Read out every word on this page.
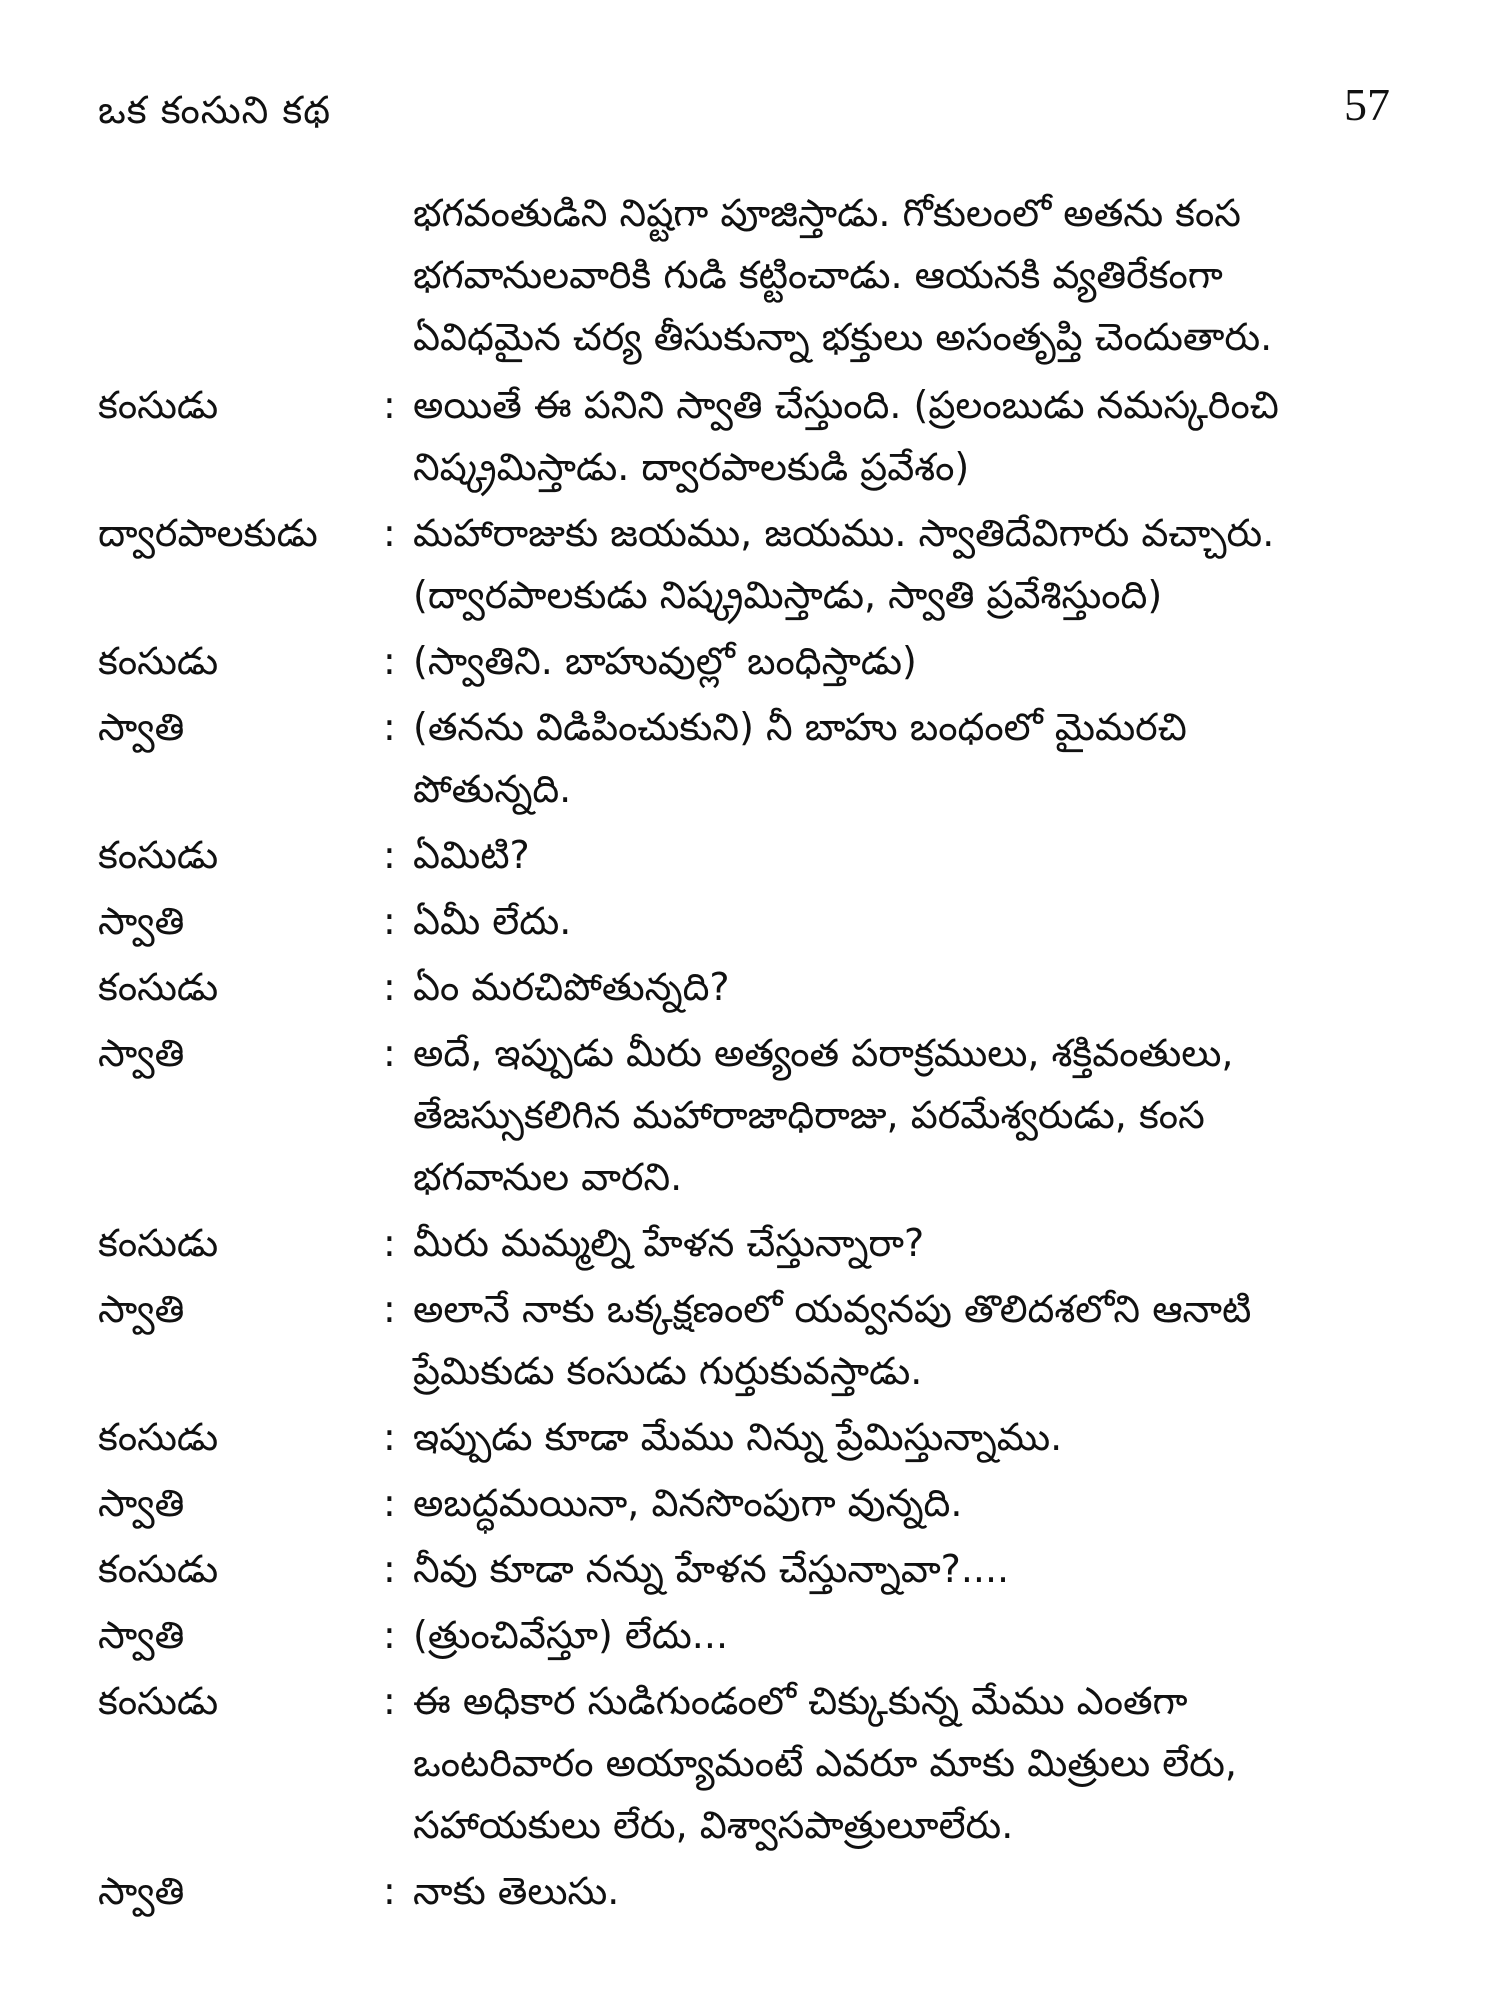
ఒక కంసుని కథ	57
భగవంతుడిని నిష్టగా పూజిస్తాడు. గోకులంలో అతను కంస
భగవానులవారికి గుడి కట్టించాడు. ఆయనకి వ్యతిరేకంగా
ఏవిధమైన చర్య తీసుకున్నా భక్తులు అసంతృప్తి చెందుతారు.
కంసుడు	: అయితే ఈ పనిని స్వాతి చేస్తుంది. (ప్రలంబుడు నమస్కరించి
నిష్క్రమిస్తాడు. ద్వారపాలకుడి ప్రవేశం)
ద్వారపాలకుడు	: మహారాజుకు జయము, జయము. స్వాతిదేవిగారు వచ్చారు.
(ద్వారపాలకుడు నిష్క్రమిస్తాడు, స్వాతి ప్రవేశిస్తుంది)
కంసుడు	: (స్వాతిని. బాహువుల్లో బంధిస్తాడు)
స్వాతి	: (తనను విడిపించుకుని) నీ బాహు బంధంలో మైమరచి
పోతున్నది.
కంసుడు	: ఏమిటి?
స్వాతి	: ఏమీ లేదు.
కంసుడు	: ఏం మరచిపోతున్నది?
స్వాతి	: అదే, ఇప్పుడు మీరు అత్యంత పరాక్రములు, శక్తివంతులు,
తేజస్సుకలిగిన మహారాజాధిరాజు, పరమేశ్వరుడు, కంస
భగవానుల వారని.
కంసుడు	: మీరు మమ్మల్ని హేళన చేస్తున్నారా?
స్వాతి	: అలానే నాకు ఒక్కక్షణంలో యవ్వనపు తొలిదశలోని ఆనాటి
ప్రేమికుడు కంసుడు గుర్తుకువస్తాడు.
కంసుడు	: ఇప్పుడు కూడా మేము నిన్ను ప్రేమిస్తున్నాము.
స్వాతి	: అబద్ధమయినా, వినసొంపుగా వున్నది.
కంసుడు	: నీవు కూడా నన్ను హేళన చేస్తున్నావా?....
స్వాతి	: (త్రుంచివేస్తూ) లేదు...
కంసుడు	: ఈ అధికార సుడిగుండంలో చిక్కుకున్న మేము ఎంతగా
ఒంటరివారం అయ్యామంటే ఎవరూ మాకు మిత్రులు లేరు,
సహాయకులు లేరు, విశ్వాసపాత్రులూలేరు.
స్వాతి	: నాకు తెలుసు.
